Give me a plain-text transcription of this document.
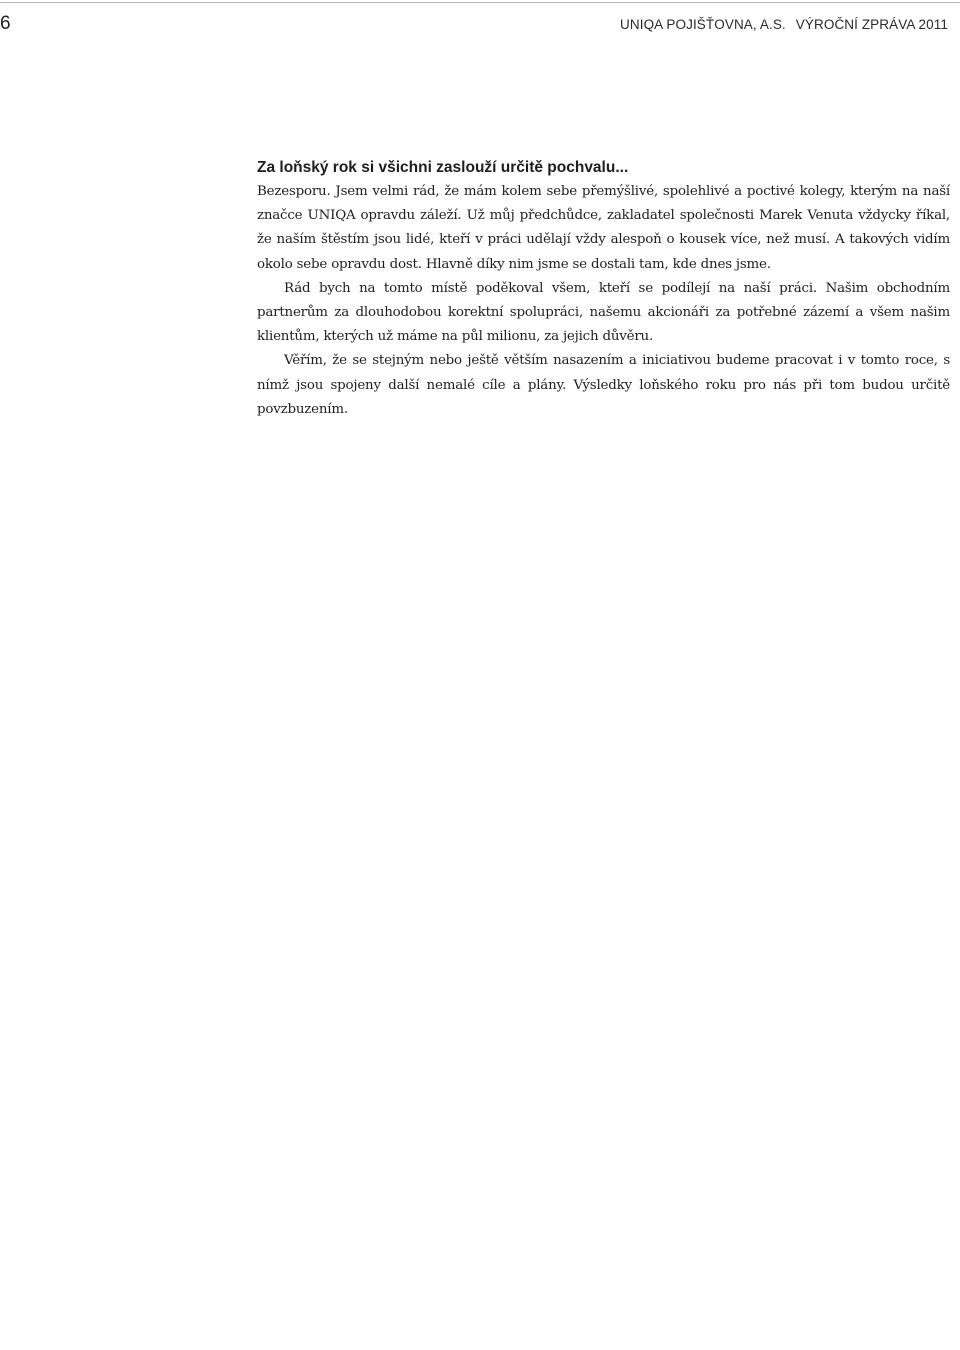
6	UNIQA POJIŠŤOVNA, A.S. VÝROČNÍ ZPRÁVA 2011
Za loňský rok si všichni zaslouží určitě pochvalu...

Bezesporu. Jsem velmi rád, že mám kolem sebe přemýšlivé, spolehlivé a poctivé kolegy, kterým na naší značce UNIQA opravdu záleží. Už můj předchůdce, zakladatel společnosti Marek Venuta vždycky říkal, že naším štěstím jsou lidé, kteří v práci udělají vždy alespoň o kousek více, než musí. A takových vidím okolo sebe opravdu dost. Hlavně díky nim jsme se dostali tam, kde dnes jsme.

Rád bych na tomto místě poděkoval všem, kteří se podílejí na naší práci. Našim obchodním partnerům za dlouhodobou korektní spolupráci, našemu akcionáři za potřebné zázemí a všem našim klientům, kterých už máme na půl milionu, za jejich důvěru.

Věřím, že se stejným nebo ještě větším nasazením a iniciativou budeme pracovat i v tomto roce, s nímž jsou spojeny další nemalé cíle a plány. Výsledky loňského roku pro nás při tom budou určitě povzbuzením.
